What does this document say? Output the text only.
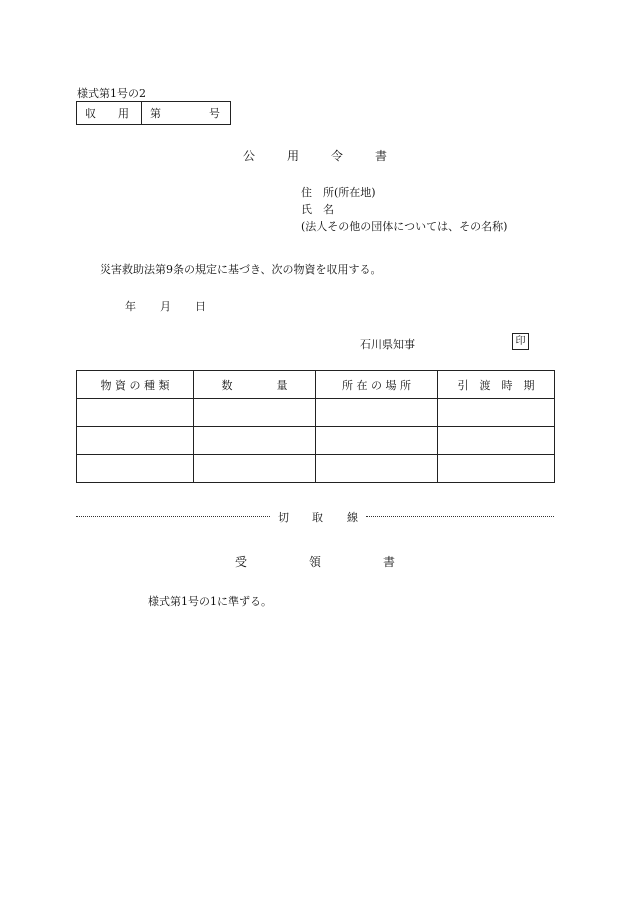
様式第1号の2
収 用	第	号
公	用	令	書
住　所(所在地)
氏　名
(法人その他の団体については、その名称)
災害救助法第9条の規定に基づき、次の物資を収用する。
年 月 日
石川県知事	印
物 資 の 種 類	数　　　　量	所 在 の 場 所	引　渡　時　期

切 取 線
受	領	書
様式第1号の1に準ずる。
